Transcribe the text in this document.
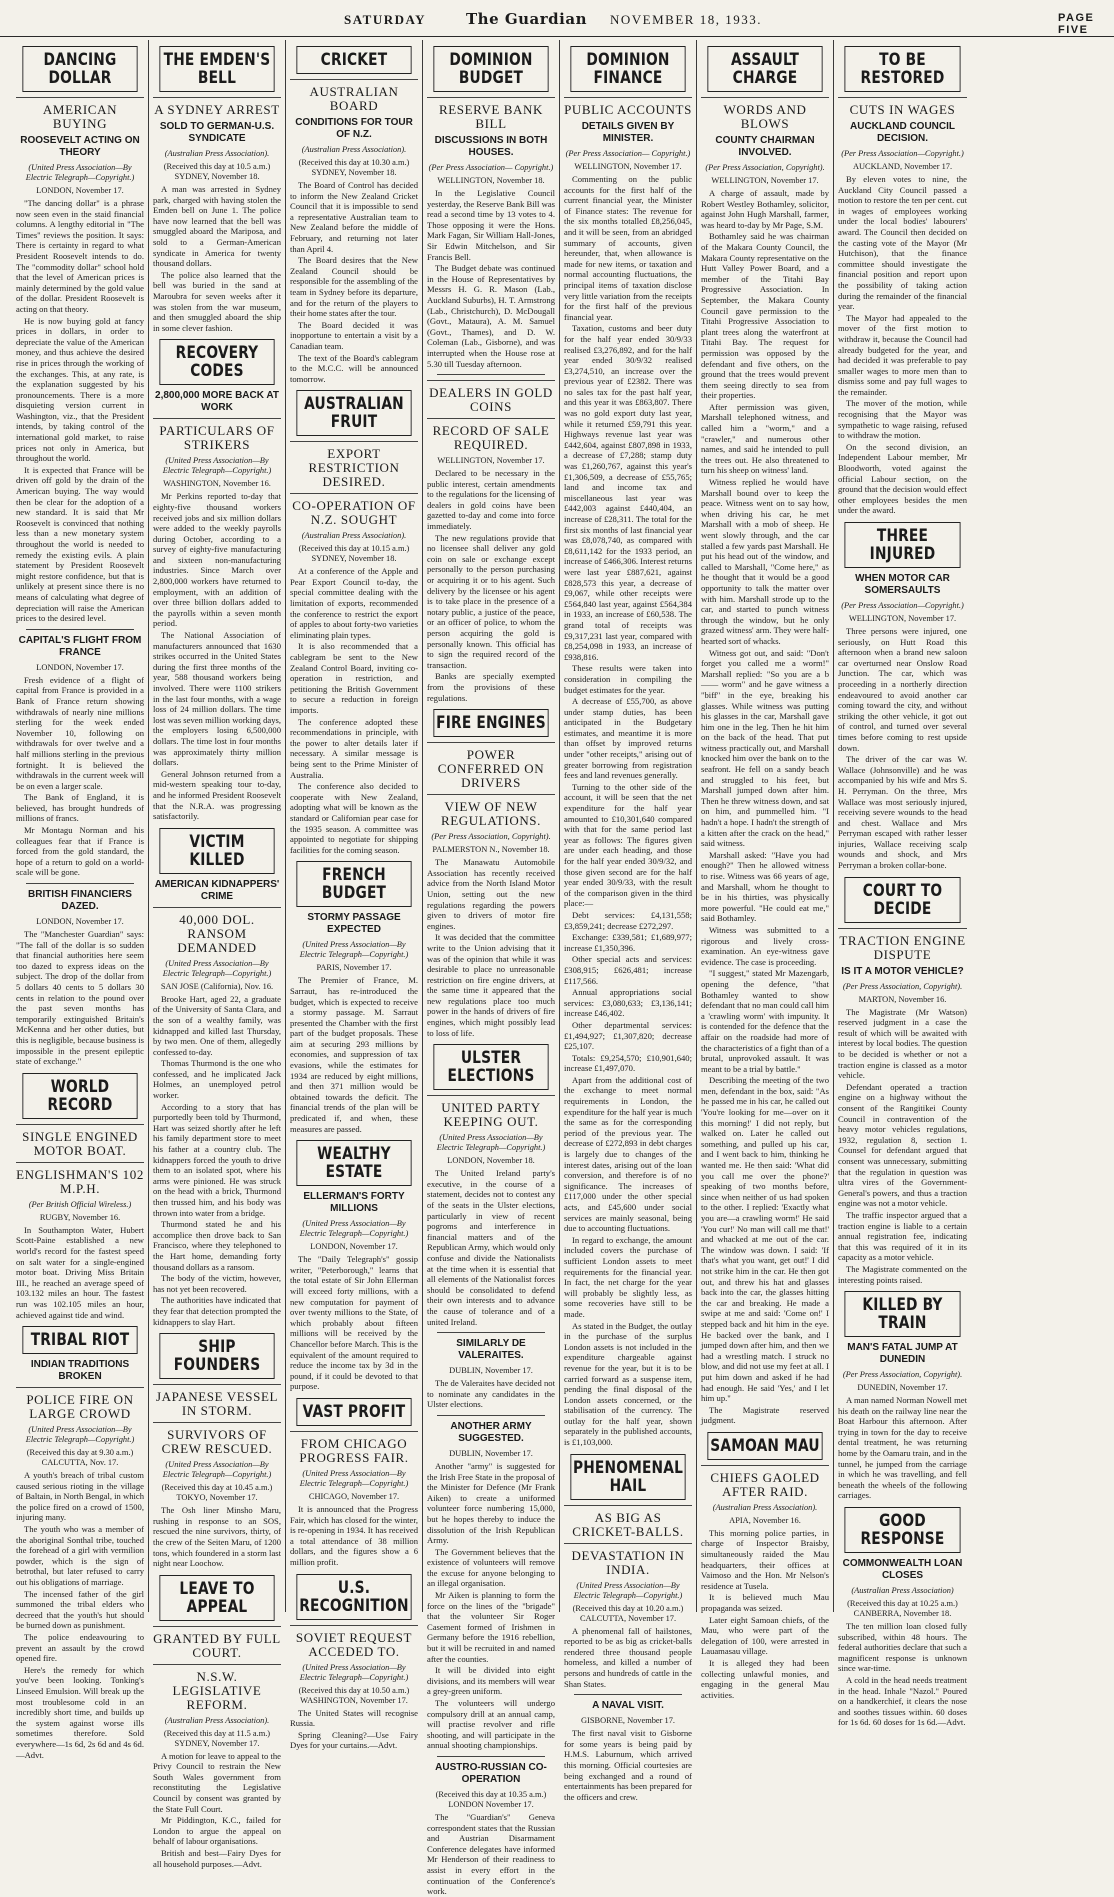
SATURDAY	The Guardian NOVEMBER 18, 1933.	PAGE FIVE
DANCING DOLLAR
AMERICAN BUYING
ROOSEVELT ACTING ON THEORY
(United Press Association—By Electric Telegraph—Copyright.)
LONDON, November 17.

"The dancing dollar" is a phrase now seen even in the staid financial columns. A lengthy editorial in "The Times" reviews the position. It says: There is certainty in regard to what President Roosevelt intends to do. The "commodity dollar" school hold that the level of American prices is mainly determined by the gold value of the dollar. President Roosevelt is acting on that theory.

He is now buying gold at fancy prices in dollars, in order to depreciate the value of the American money, and thus achieve the desired rise in prices through the working of the exchanges. This, at any rate, is the explanation suggested by his pronouncements. There is a more disquieting version current in Washington, viz., that the President intends, by taking control of the international gold market, to raise prices not only in America, but throughout the world.

It is expected that France will be driven off gold by the drain of the American buying. The way would then be clear for the adoption of a new standard. It is said that Mr Roosevelt is convinced that nothing less than a new monetary system throughout the world is needed to remedy the existing evils. A plain statement by President Roosevelt might restore confidence, but that is unlikely at present since there is no means of calculating what degree of depreciation will raise the American prices to the desired level.

CAPITAL'S FLIGHT FROM FRANCE
LONDON, November 17.

Fresh evidence of a flight of capital from France is provided in a Bank of France return showing withdrawals of nearly nine millions sterling for the week ended November 10, following on withdrawals for over twelve and a half millions sterling in the previous fortnight. It is believed the withdrawals in the current week will be on even a larger scale.

The Bank of England, it is believed, has brought hundreds of millions of francs.

Mr Montagu Norman and his colleagues fear that if France is forced from the gold standard, the hope of a return to gold on a world-scale will be gone.

BRITISH FINANCIERS DAZED.
LONDON, November 17.

The "Manchester Guardian" says: "The fall of the dollar is so sudden that financial authorities here seem too dazed to express ideas on the subject. The drop of the dollar from 5 dollars 40 cents to 5 dollars 30 cents in relation to the pound over the past seven months has temporarily extinguished Britain's McKenna and her other duties, but this is negligible, because business is impossible in the present epileptic state of exchange."

WORLD RECORD
SINGLE ENGINED MOTOR BOAT.
ENGLISHMAN'S 102 M.P.H.
(Per British Official Wireless.)
RUGBY, November 16.

In Southampton Water, Hubert Scott-Paine established a new world's record for the fastest speed on salt water for a single-engined motor boat. Driving Miss Britain III., he reached an average speed of 103.132 miles an hour. The fastest run was 102.105 miles an hour, achieved against tide and wind.

TRIBAL RIOT
INDIAN TRADITIONS BROKEN
POLICE FIRE ON LARGE CROWD
(United Press Association—By Electric Telegraph—Copyright.)
(Received this day at 9.30 a.m.) CALCUTTA, Nov. 17.

A youth's breach of tribal custom caused serious rioting in the village of Baltain, in North Bengal, in which the police fired on a crowd of 1500, injuring many.

The youth who was a member of the aboriginal Sonthal tribe, touched the forehead of a girl with vermilion powder, which is the sign of betrothal, but later refused to carry out his obligations of marriage.

The incensed father of the girl summoned the tribal elders who decreed that the youth's hut should be burned down as punishment.

The police endeavouring to prevent an assault by the crowd opened fire.

Here's the remedy for which you've been looking. Tonking's Linseed Emulsion. Will break up the most troublesome cold in an incredibly short time, and builds up the system against worse ills sometimes therefore. Sold everywhere—1s 6d, 2s 6d and 4s 6d.—Advt.

THE EMDEN'S BELL
A SYDNEY ARREST
SOLD TO GERMAN-U.S. SYNDICATE
(Australian Press Association).
(Received this day at 10.5 a.m.) SYDNEY, November 18.

A man was arrested in Sydney park, charged with having stolen the Emden bell on June 1. The police have now learned that the bell was smuggled aboard the Mariposa, and sold to a German-American syndicate in America for twenty thousand dollars.

The police also learned that the bell was buried in the sand at Maroubra for seven weeks after it was stolen from the war museum, and then smuggled aboard the ship in some clever fashion.

RECOVERY CODES
2,800,000 MORE BACK AT WORK
PARTICULARS OF STRIKERS
(United Press Association—By Electric Telegraph—Copyright.)
WASHINGTON, November 16.

Mr Perkins reported to-day that eighty-five thousand workers received jobs and six million dollars were added to the weekly payrolls during October, according to a survey of eighty-five manufacturing and sixteen non-manufacturing industries. Since March over 2,800,000 workers have returned to employment, with an addition of over three billion dollars added to the payrolls within a seven month period.

The National Association of manufacturers announced that 1630 strikes occurred in the United States during the first three months of the year, 588 thousand workers being involved. There were 1100 strikers in the last four months, with a wage loss of 24 million dollars. The time lost was seven million working days, the employers losing 6,500,000 dollars. The time lost in four months was approximately thirty million dollars.

General Johnson returned from a mid-western speaking tour to-day, and he informed President Roosevelt that the N.R.A. was progressing satisfactorily.

VICTIM KILLED
AMERICAN KIDNAPPERS' CRIME
40,000 DOL. RANSOM DEMANDED
(United Press Association—By Electric Telegraph—Copyright.)
SAN JOSE (California), Nov. 16.

Brooke Hart, aged 22, a graduate of the University of Santa Clara, and the son of a wealthy family, was kidnapped and killed last Thursday, by two men. One of them, allegedly confessed to-day.

Thomas Thurmond is the one who confessed, and he implicated Jack Holmes, an unemployed petrol worker.

According to a story that has purportedly been told by Thurmond, Hart was seized shortly after he left his family department store to meet his father at a country club. The kidnappers forced the youth to drive them to an isolated spot, where his arms were pinioned. He was struck on the head with a brick, Thurmond then trussed him, and his body was thrown into water from a bridge.

Thurmond stated he and his accomplice then drove back to San Francisco, where they telephoned to the Hart home, demanding forty thousand dollars as a ransom.

The body of the victim, however, has not yet been recovered.

The authorities have indicated that they fear that detection prompted the kidnappers to slay Hart.

SHIP FOUNDERS
JAPANESE VESSEL IN STORM.
SURVIVORS OF CREW RESCUED.
(United Press Association—By Electric Telegraph—Copyright.)
(Received this day at 10.45 a.m.) TOKYO, November 17.

The Osh liner Minsho Maru, rushing in response to an SOS, rescued the nine survivors, thirty, of the crew of the Seiten Maru, of 1200 tons, which foundered in a storm last night near Loochow.

LEAVE TO APPEAL
GRANTED BY FULL COURT.
N.S.W. LEGISLATIVE REFORM.
(Australian Press Association).
(Received this day at 11.5 a.m.) SYDNEY, November 17.

A motion for leave to appeal to the Privy Council to restrain the New South Wales government from reconstituting the Legislative Council by consent was granted by the State Full Court.

Mr Piddington, K.C., failed for London to argue the appeal on behalf of labour organisations.

British and best—Fairy Dyes for all household purposes.—Advt.

CRICKET
AUSTRALIAN BOARD
CONDITIONS FOR TOUR OF N.Z.
(Australian Press Association).
(Received this day at 10.30 a.m.) SYDNEY, November 18.

The Board of Control has decided to inform the New Zealand Cricket Council that it is impossible to send a representative Australian team to New Zealand before the middle of February, and returning not later than April 4.

The Board desires that the New Zealand Council should be responsible for the assembling of the team in Sydney before its departure, and for the return of the players to their home states after the tour.

The Board decided it was inopportune to entertain a visit by a Canadian team.

The text of the Board's cablegram to the M.C.C. will be announced tomorrow.

AUSTRALIAN FRUIT
EXPORT RESTRICTION DESIRED.
CO-OPERATION OF N.Z. SOUGHT
(Australian Press Association).
(Received this day at 10.15 a.m.) SYDNEY, November 18.

At a conference of the Apple and Pear Export Council to-day, the special committee dealing with the limitation of exports, recommended the conference to restrict the export of apples to about forty-two varieties eliminating plain types.

It is also recommended that a cablegram be sent to the New Zealand Control Board, inviting co-operation in restriction, and petitioning the British Government to secure a reduction in foreign imports.

The conference adopted these recommendations in principle, with the power to alter details later if necessary. A similar message is being sent to the Prime Minister of Australia.

The conference also decided to cooperate with New Zealand, adopting what will be known as the standard or Californian pear case for the 1935 season. A committee was appointed to negotiate for shipping facilities for the coming season.

FRENCH BUDGET
STORMY PASSAGE EXPECTED
(United Press Association—By Electric Telegraph—Copyright.)
PARIS, November 17.

The Premier of France, M. Sarraut, has re-introduced the budget, which is expected to receive a stormy passage. M. Sarraut presented the Chamber with the first part of the budget proposals. These aim at securing 293 millions by economies, and suppression of tax evasions, while the estimates for 1934 are reduced by eight millions, and then 371 million would be obtained towards the deficit. The financial trends of the plan will be predicated if, and when, these measures are passed.

WEALTHY ESTATE
ELLERMAN'S FORTY MILLIONS
(United Press Association—By Electric Telegraph—Copyright.)
LONDON, November 17.

The "Daily Telegraph's" gossip writer, "Peterborough," learns that the total estate of Sir John Ellerman will exceed forty millions, with a new computation for payment of over twenty millions to the State, of which probably about fifteen millions will be received by the Chancellor before March. This is the equivalent of the amount required to reduce the income tax by 3d in the pound, if it could be devoted to that purpose.

VAST PROFIT
FROM CHICAGO PROGRESS FAIR.
(United Press Association—By Electric Telegraph—Copyright.)
CHICAGO, November 17.

It is announced that the Progress Fair, which has closed for the winter, is re-opening in 1934. It has received a total attendance of 38 million dollars, and the figures show a 6 million profit.

U.S. RECOGNITION
SOVIET REQUEST ACCEDED TO.
(United Press Association—By Electric Telegraph—Copyright.)
(Received this day at 10.50 a.m.) WASHINGTON, November 17.

The United States will recognise Russia.

Spring Cleaning?—Use Fairy Dyes for your curtains.—Advt.

DOMINION BUDGET
RESERVE BANK BILL
DISCUSSIONS IN BOTH HOUSES.
(Per Press Association— Copyright.)
WELLINGTON, November 18.

In the Legislative Council yesterday, the Reserve Bank Bill was read a second time by 13 votes to 4. Those opposing it were the Hons. Mark Fagan, Sir William Hall-Jones, Sir Edwin Mitchelson, and Sir Francis Bell.

The Budget debate was continued in the House of Representatives by Messrs H. G. R. Mason (Lab., Auckland Suburbs), H. T. Armstrong (Lab., Christchurch), D. McDougall (Govt., Mataura), A. M. Samuel (Govt., Thames), and D. W. Coleman (Lab., Gisborne), and was interrupted when the House rose at 5.30 till Tuesday afternoon.

DEALERS IN GOLD COINS
RECORD OF SALE REQUIRED.
WELLINGTON, November 17.

Declared to be necessary in the public interest, certain amendments to the regulations for the licensing of dealers in gold coins have been gazetted to-day and come into force immediately.

The new regulations provide that no licensee shall deliver any gold coin on sale or exchange except personally to the person purchasing or acquiring it or to his agent. Such delivery by the licensee or his agent is to take place in the presence of a notary public, a justice of the peace, or an officer of police, to whom the person acquiring the gold is personally known. This official has to sign the required record of the transaction.

Banks are specially exempted from the provisions of these regulations.

FIRE ENGINES
POWER CONFERRED ON DRIVERS
VIEW OF NEW REGULATIONS.
(Per Press Association, Copyright).
PALMERSTON N., November 18.

The Manawatu Automobile Association has recently received advice from the North Island Motor Union, setting out the new regulations regarding the powers given to drivers of motor fire engines.

It was decided that the committee write to the Union advising that it was of the opinion that while it was desirable to place no unreasonable restriction on fire engine drivers, at the same time it appeared that the new regulations place too much power in the hands of drivers of fire engines, which might possibly lead to loss of life.

ULSTER ELECTIONS
UNITED PARTY KEEPING OUT.
(United Press Association—By Electric Telegraph—Copyright.)
LONDON, November 18.

The United Ireland party's executive, in the course of a statement, decides not to contest any of the seats in the Ulster elections, particularly in view of recent pogroms and interference in financial matters and of the Republican Army, which would only confuse and divide the Nationalists at the time when it is essential that all elements of the Nationalist forces should be consolidated to defend their own interests and to advance the cause of tolerance and of a united Ireland.

SIMILARLY DE VALERAITES.
DUBLIN, November 17.

The de Valeraites have decided not to nominate any candidates in the Ulster elections.

ANOTHER ARMY SUGGESTED.
DUBLIN, November 17.

Another "army" is suggested for the Irish Free State in the proposal of the Minister for Defence (Mr Frank Aiken) to create a uniformed volunteer force numbering 15,000, but he hopes thereby to induce the dissolution of the Irish Republican Army.

The Government believes that the existence of volunteers will remove the excuse for anyone belonging to an illegal organisation.

Mr Aiken is planning to form the force on the lines of the "brigade" that the volunteer Sir Roger Casement formed of Irishmen in Germany before the 1916 rebellion, but it will be recruited in and named after the counties.

It will be divided into eight divisions, and its members will wear a grey-green uniform.

The volunteers will undergo compulsory drill at an annual camp, will practise revolver and rifle shooting, and will participate in the annual shooting championships.

AUSTRO-RUSSIAN CO-OPERATION
(Received this day at 10.35 a.m.) LONDON November 17.

The "Guardian's" Geneva correspondent states that the Russian and Austrian Disarmament Conference delegates have informed Mr Henderson of their readiness to assist in every effort in the continuation of the Conference's work.

DOMINION FINANCE
PUBLIC ACCOUNTS
DETAILS GIVEN BY MINISTER.
(Per Press Association— Copyright.)
WELLINGTON, November 17.

Commenting on the public accounts for the first half of the current financial year, the Minister of Finance states: The revenue for the six months totalled £8,256,045, and it will be seen, from an abridged summary of accounts, given hereunder, that, when allowance is made for new items, or taxation and normal accounting fluctuations, the principal items of taxation disclose very little variation from the receipts for the first half of the previous financial year.

Taxation, customs and beer duty for the half year ended 30/9/33 realised £3,276,892, and for the half year ended 30/9/32 realised £3,274,510, an increase over the previous year of £2382. There was no sales tax for the past half year, and this year it was £863,807. There was no gold export duty last year, while it returned £59,791 this year. Highways revenue last year was £442,604, against £807,898 in 1933, a decrease of £7,288; stamp duty was £1,260,767, against this year's £1,306,509, a decrease of £55,765; land and income tax and miscellaneous last year was £442,003 against £440,404, an increase of £28,311. The total for the first six months of last financial year was £8,078,740, as compared with £8,611,142 for the 1933 period, an increase of £466,306. Interest returns were last year £887,621, against £828,573 this year, a decrease of £9,067, while other receipts were £564,840 last year, against £564,384 in 1933, an increase of £60,538. The grand total of receipts was £9,317,231 last year, compared with £8,254,098 in 1933, an increase of £938,816.

These results were taken into consideration in compiling the budget estimates for the year.

A decrease of £55,700, as above under stamp duties, has been anticipated in the Budgetary estimates, and meantime it is more than offset by improved returns under "other receipts," arising out of greater borrowing from registration fees and land revenues generally.

Turning to the other side of the account, it will be seen that the net expenditure for the half year amounted to £10,301,640 compared with that for the same period last year as follows: The figures given are under each heading, and those for the half year ended 30/9/32, and those given second are for the half year ended 30/9/33, with the result of the comparison given in the third place:—

Debt services: £4,131,558; £3,859,241; decrease £272,297.

Exchange: £339,581; £1,689,977; increase £1,350,396.

Other special acts and services: £308,915; £626,481; increase £117,566.

Annual appropriations social services: £3,080,633; £3,136,141; increase £46,402.

Other departmental services: £1,494,927; £1,307,820; decrease £25,107.

Totals: £9,254,570; £10,901,640; increase £1,497,070.

Apart from the additional cost of the exchange to meet normal requirements in London, the expenditure for the half year is much the same as for the corresponding period of the previous year. The decrease of £272,893 in debt charges is largely due to changes of the interest dates, arising out of the loan conversion, and therefore is of no significance. The increases of £117,000 under the other special acts, and £45,600 under social services are mainly seasonal, being due to accounting fluctuations.

In regard to exchange, the amount included covers the purchase of sufficient London assets to meet requirements for the financial year. In fact, the net charge for the year will probably be slightly less, as some recoveries have still to be made.

As stated in the Budget, the outlay in the purchase of the surplus London assets is not included in the expenditure chargeable against revenue for the year, but it is to be carried forward as a suspense item, pending the final disposal of the London assets concerned, or the stabilisation of the currency. The outlay for the half year, shown separately in the published accounts, is £1,103,000.

PHENOMENAL HAIL
AS BIG AS CRICKET-BALLS.
DEVASTATION IN INDIA.
(United Press Association—By Electric Telegraph—Copyright.)
(Received this day at 10.20 a.m.) CALCUTTA, November 17.

A phenomenal fall of hailstones, reported to be as big as cricket-balls rendered three thousand people homeless, and killed a number of persons and hundreds of cattle in the Shan States.

A NAVAL VISIT.
GISBORNE, November 17.

The first naval visit to Gisborne for some years is being paid by H.M.S. Laburnum, which arrived this morning. Official courtesies are being exchanged and a round of entertainments has been prepared for the officers and crew.

ASSAULT CHARGE
WORDS AND BLOWS
COUNTY CHAIRMAN INVOLVED.
(Per Press Association, Copyright).
WELLINGTON, November 17.

A charge of assault, made by Robert Westley Bothamley, solicitor, against John Hugh Marshall, farmer, was heard to-day by Mr Page, S.M.

Bothamley said he was chairman of the Makara County Council, the Makara County representative on the Hutt Valley Power Board, and a member of the Titahi Bay Progressive Association. In September, the Makara County Council gave permission to the Titahi Progressive Association to plant trees along the waterfront at Titahi Bay. The request for permission was opposed by the defendant and five others, on the ground that the trees would prevent them seeing directly to sea from their properties.

After permission was given, Marshall telephoned witness, and called him a "worm," and a "crawler," and numerous other names, and said he intended to pull the trees out. He also threatened to turn his sheep on witness' land.

Witness replied he would have Marshall bound over to keep the peace. Witness went on to say how, when driving his car, he met Marshall with a mob of sheep. He went slowly through, and the car stalled a few yards past Marshall. He put his head out of the window, and called to Marshall, "Come here," as he thought that it would be a good opportunity to talk the matter over with him. Marshall strode up to the car, and started to punch witness through the window, but he only grazed witness' arm. They were half-hearted sort of whacks.

Witness got out, and said: "Don't forget you called me a worm!" Marshall replied: "So you are a b—— worm" and he gave witness a "biff" in the eye, breaking his glasses. While witness was putting his glasses in the car, Marshall gave him one in the leg. Then he hit him on the back of the head. That put witness practically out, and Marshall knocked him over the bank on to the seafront. He fell on a sandy beach and struggled to his feet, but Marshall jumped down after him. Then he threw witness down, and sat on him, and pummelled him. "I hadn't a hope. I hadn't the strength of a kitten after the crack on the head," said witness.

Marshall asked: "Have you had enough?" Then he allowed witness to rise. Witness was 66 years of age, and Marshall, whom he thought to be in his thirties, was physically more powerful. "He could eat me," said Bothamley.

Witness was submitted to a rigorous and lively cross-examination. An eye-witness gave evidence. The case is proceeding.

"I suggest," stated Mr Mazengarb, opening the defence, "that Bothamley wanted to show defendant that no man could call him a 'crawling worm' with impunity. It is contended for the defence that the affair on the roadside had more of the characteristics of a fight than of a brutal, unprovoked assault. It was meant to be a trial by battle."

Describing the meeting of the two men, defendant in the box, said: "As he passed me in his car, he called out 'You're looking for me—over on it this morning!' I did not reply, but walked on. Later he called out something, and pulled up his car, and I went back to him, thinking he wanted me. He then said: 'What did you call me over the phone?' speaking of two months before, since when neither of us had spoken to the other. I replied: 'Exactly what you are—a crawling worm!' He said 'You cur!' No man will call me that!' and whacked at me out of the car. The window was down. I said: 'If that's what you want, get out!' I did not strike him in the car. He then got out, and threw his hat and glasses back into the car, the glasses hitting the car and breaking. He made a swipe at me and said: 'Come on!' I stepped back and hit him in the eye. He backed over the bank, and I jumped down after him, and then we had a wrestling match. I struck no blow, and did not use my feet at all. I put him down and asked if he had had enough. He said 'Yes,' and I let him up."

The Magistrate reserved judgment.

SAMOAN MAU
CHIEFS GAOLED AFTER RAID.
(Australian Press Association).
APIA, November 16.

This morning police parties, in charge of Inspector Braisby, simultaneously raided the Mau headquarters, their offices at Vaimoso and the Hon. Mr Nelson's residence at Tusela.

It is believed much Mau propaganda was seized.

Later eight Samoan chiefs, of the Mau, who were part of the delegation of 100, were arrested in Lauamasau village.

It is alleged they had been collecting unlawful monies, and engaging in the general Mau activities.

TO BE RESTORED
CUTS IN WAGES
AUCKLAND COUNCIL DECISION.
(Per Press Association—Copyright.)
AUCKLAND, November 17.

By eleven votes to nine, the Auckland City Council passed a motion to restore the ten per cent. cut in wages of employees working under the local bodies' labourers' award. The Council then decided on the casting vote of the Mayor (Mr Hutchison), that the finance committee should investigate the financial position and report upon the possibility of taking action during the remainder of the financial year.

The Mayor had appealed to the mover of the first motion to withdraw it, because the Council had already budgeted for the year, and had decided it was preferable to pay smaller wages to more men than to dismiss some and pay full wages to the remainder.

The mover of the motion, while recognising that the Mayor was sympathetic to wage raising, refused to withdraw the motion.

On the second division, an Independent Labour member, Mr Bloodworth, voted against the official Labour section, on the ground that the decision would effect other employees besides the men under the award.

THREE INJURED
WHEN MOTOR CAR SOMERSAULTS
(Per Press Association—Copyright.)
WELLINGTON, November 17.

Three persons were injured, one seriously, on Hutt Road this afternoon when a brand new saloon car overturned near Onslow Road Junction. The car, which was proceeding in a northerly direction endeavoured to avoid another car coming toward the city, and without striking the other vehicle, it got out of control, and turned over several times before coming to rest upside down.

The driver of the car was W. Wallace (Johnsonville) and he was accompanied by his wife and Mrs S. H. Perryman. On the three, Mrs Wallace was most seriously injured, receiving severe wounds to the head and chest. Wallace and Mrs Perryman escaped with rather lesser injuries, Wallace receiving scalp wounds and shock, and Mrs Perryman a broken collar-bone.

COURT TO DECIDE
TRACTION ENGINE DISPUTE
IS IT A MOTOR VEHICLE?
(Per Press Association, Copyright).
MARTON, November 16.

The Magistrate (Mr Watson) reserved judgment in a case the result of which will be awaited with interest by local bodies. The question to be decided is whether or not a traction engine is classed as a motor vehicle.

Defendant operated a traction engine on a highway without the consent of the Rangitikei County Council in contravention of the heavy motor vehicles regulations, 1932, regulation 8, section 1. Counsel for defendant argued that consent was unnecessary, submitting that the regulation in question was ultra vires of the Government-General's powers, and thus a traction engine was not a motor vehicle.

The traffic inspector argued that a traction engine is liable to a certain annual registration fee, indicating that this was required of it in its capacity as a motor vehicle.

The Magistrate commented on the interesting points raised.

KILLED BY TRAIN
MAN'S FATAL JUMP AT DUNEDIN
(Per Press Association, Copyright).
DUNEDIN, November 17.

A man named Norman Nowell met his death on the railway line near the Boat Harbour this afternoon. After trying in town for the day to receive dental treatment, he was returning home by the Oamaru train, and in the tunnel, he jumped from the carriage in which he was travelling, and fell beneath the wheels of the following carriages.

GOOD RESPONSE
COMMONWEALTH LOAN CLOSES
(Australian Press Association)
(Received this day at 10.25 a.m.) CANBERRA, November 18.

The ten million loan closed fully subscribed, within 48 hours. The federal authorities declare that such a magnificent response is unknown since war-time.

A cold in the head needs treatment in the head. Inhale "Nazol." Poured on a handkerchief, it clears the nose and soothes tissues within. 60 doses for 1s 6d. 60 doses for 1s 6d.—Advt.
